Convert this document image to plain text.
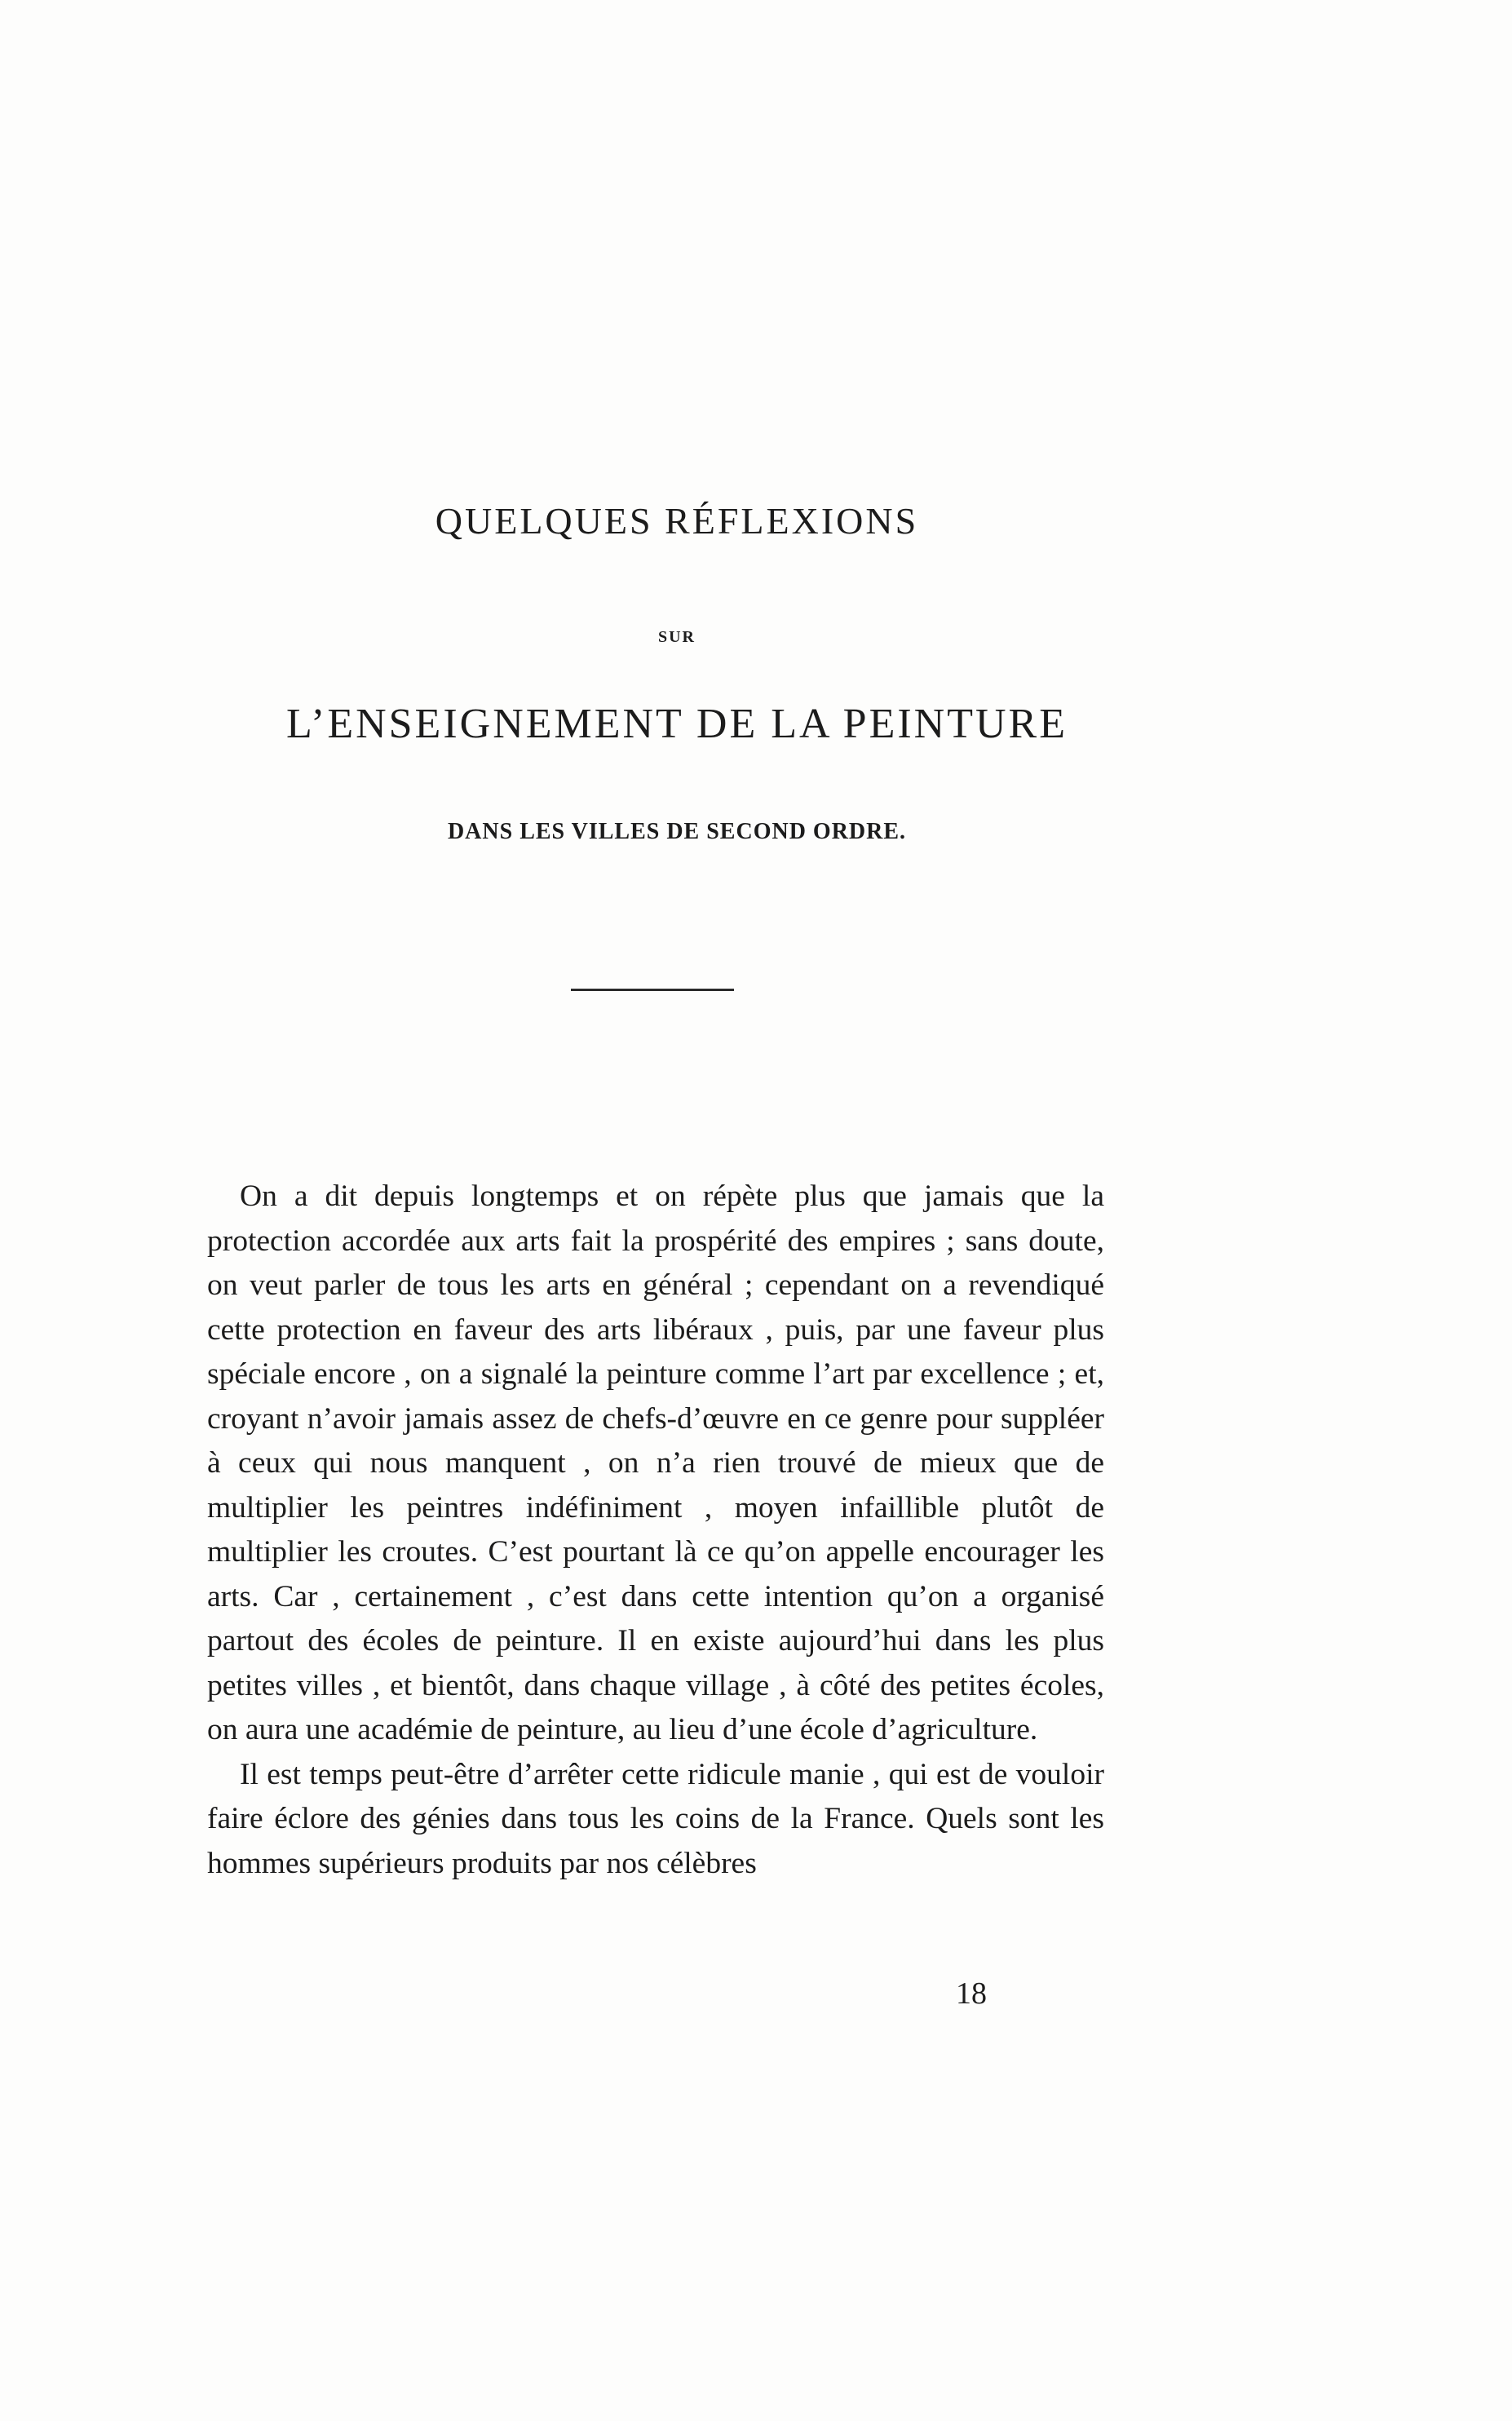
QUELQUES RÉFLEXIONS
SUR
L’ENSEIGNEMENT DE LA PEINTURE
DANS LES VILLES DE SECOND ORDRE.

On a dit depuis longtemps et on répète plus que jamais que la protection accordée aux arts fait la prospérité des empires ; sans doute, on veut parler de tous les arts en général ; cependant on a revendiqué cette protection en faveur des arts libéraux , puis, par une faveur plus spéciale encore , on a signalé la peinture comme l’art par excellence ; et, croyant n’avoir jamais assez de chefs-d’œuvre en ce genre pour suppléer à ceux qui nous manquent , on n’a rien trouvé de mieux que de multiplier les peintres indéfiniment , moyen infaillible plutôt de multiplier les croutes. C’est pourtant là ce qu’on appelle encourager les arts. Car , certainement , c’est dans cette intention qu’on a organisé partout des écoles de peinture. Il en existe aujourd’hui dans les plus petites villes , et bientôt, dans chaque village , à côté des petites écoles, on aura une académie de peinture, au lieu d’une école d’agriculture.

Il est temps peut-être d’arrêter cette ridicule manie , qui est de vouloir faire éclore des génies dans tous les coins de la France. Quels sont les hommes supérieurs produits par nos célèbres

18
